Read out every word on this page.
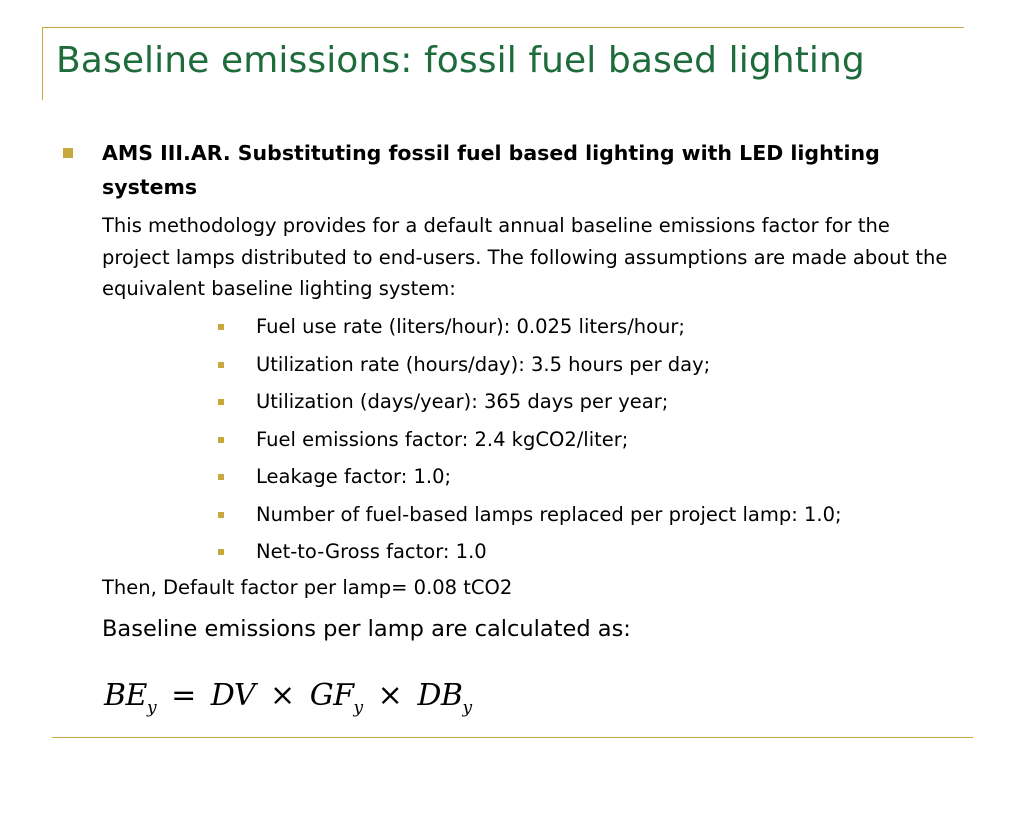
Baseline emissions: fossil fuel based lighting

AMS III.AR. Substituting fossil fuel based lighting with LED lighting systems

This methodology provides for a default annual baseline emissions factor for the project lamps distributed to end-users. The following assumptions are made about the equivalent baseline lighting system:

Fuel use rate (liters/hour): 0.025 liters/hour;
Utilization rate (hours/day): 3.5 hours per day;
Utilization (days/year): 365 days per year;
Fuel emissions factor: 2.4 kgCO2/liter;
Leakage factor: 1.0;
Number of fuel-based lamps replaced per project lamp: 1.0;
Net-to-Gross factor: 1.0

Then, Default factor per lamp= 0.08 tCO2

Baseline emissions per lamp are calculated as:

$BE_y$ = DV × $GF_y \times DB_y$
